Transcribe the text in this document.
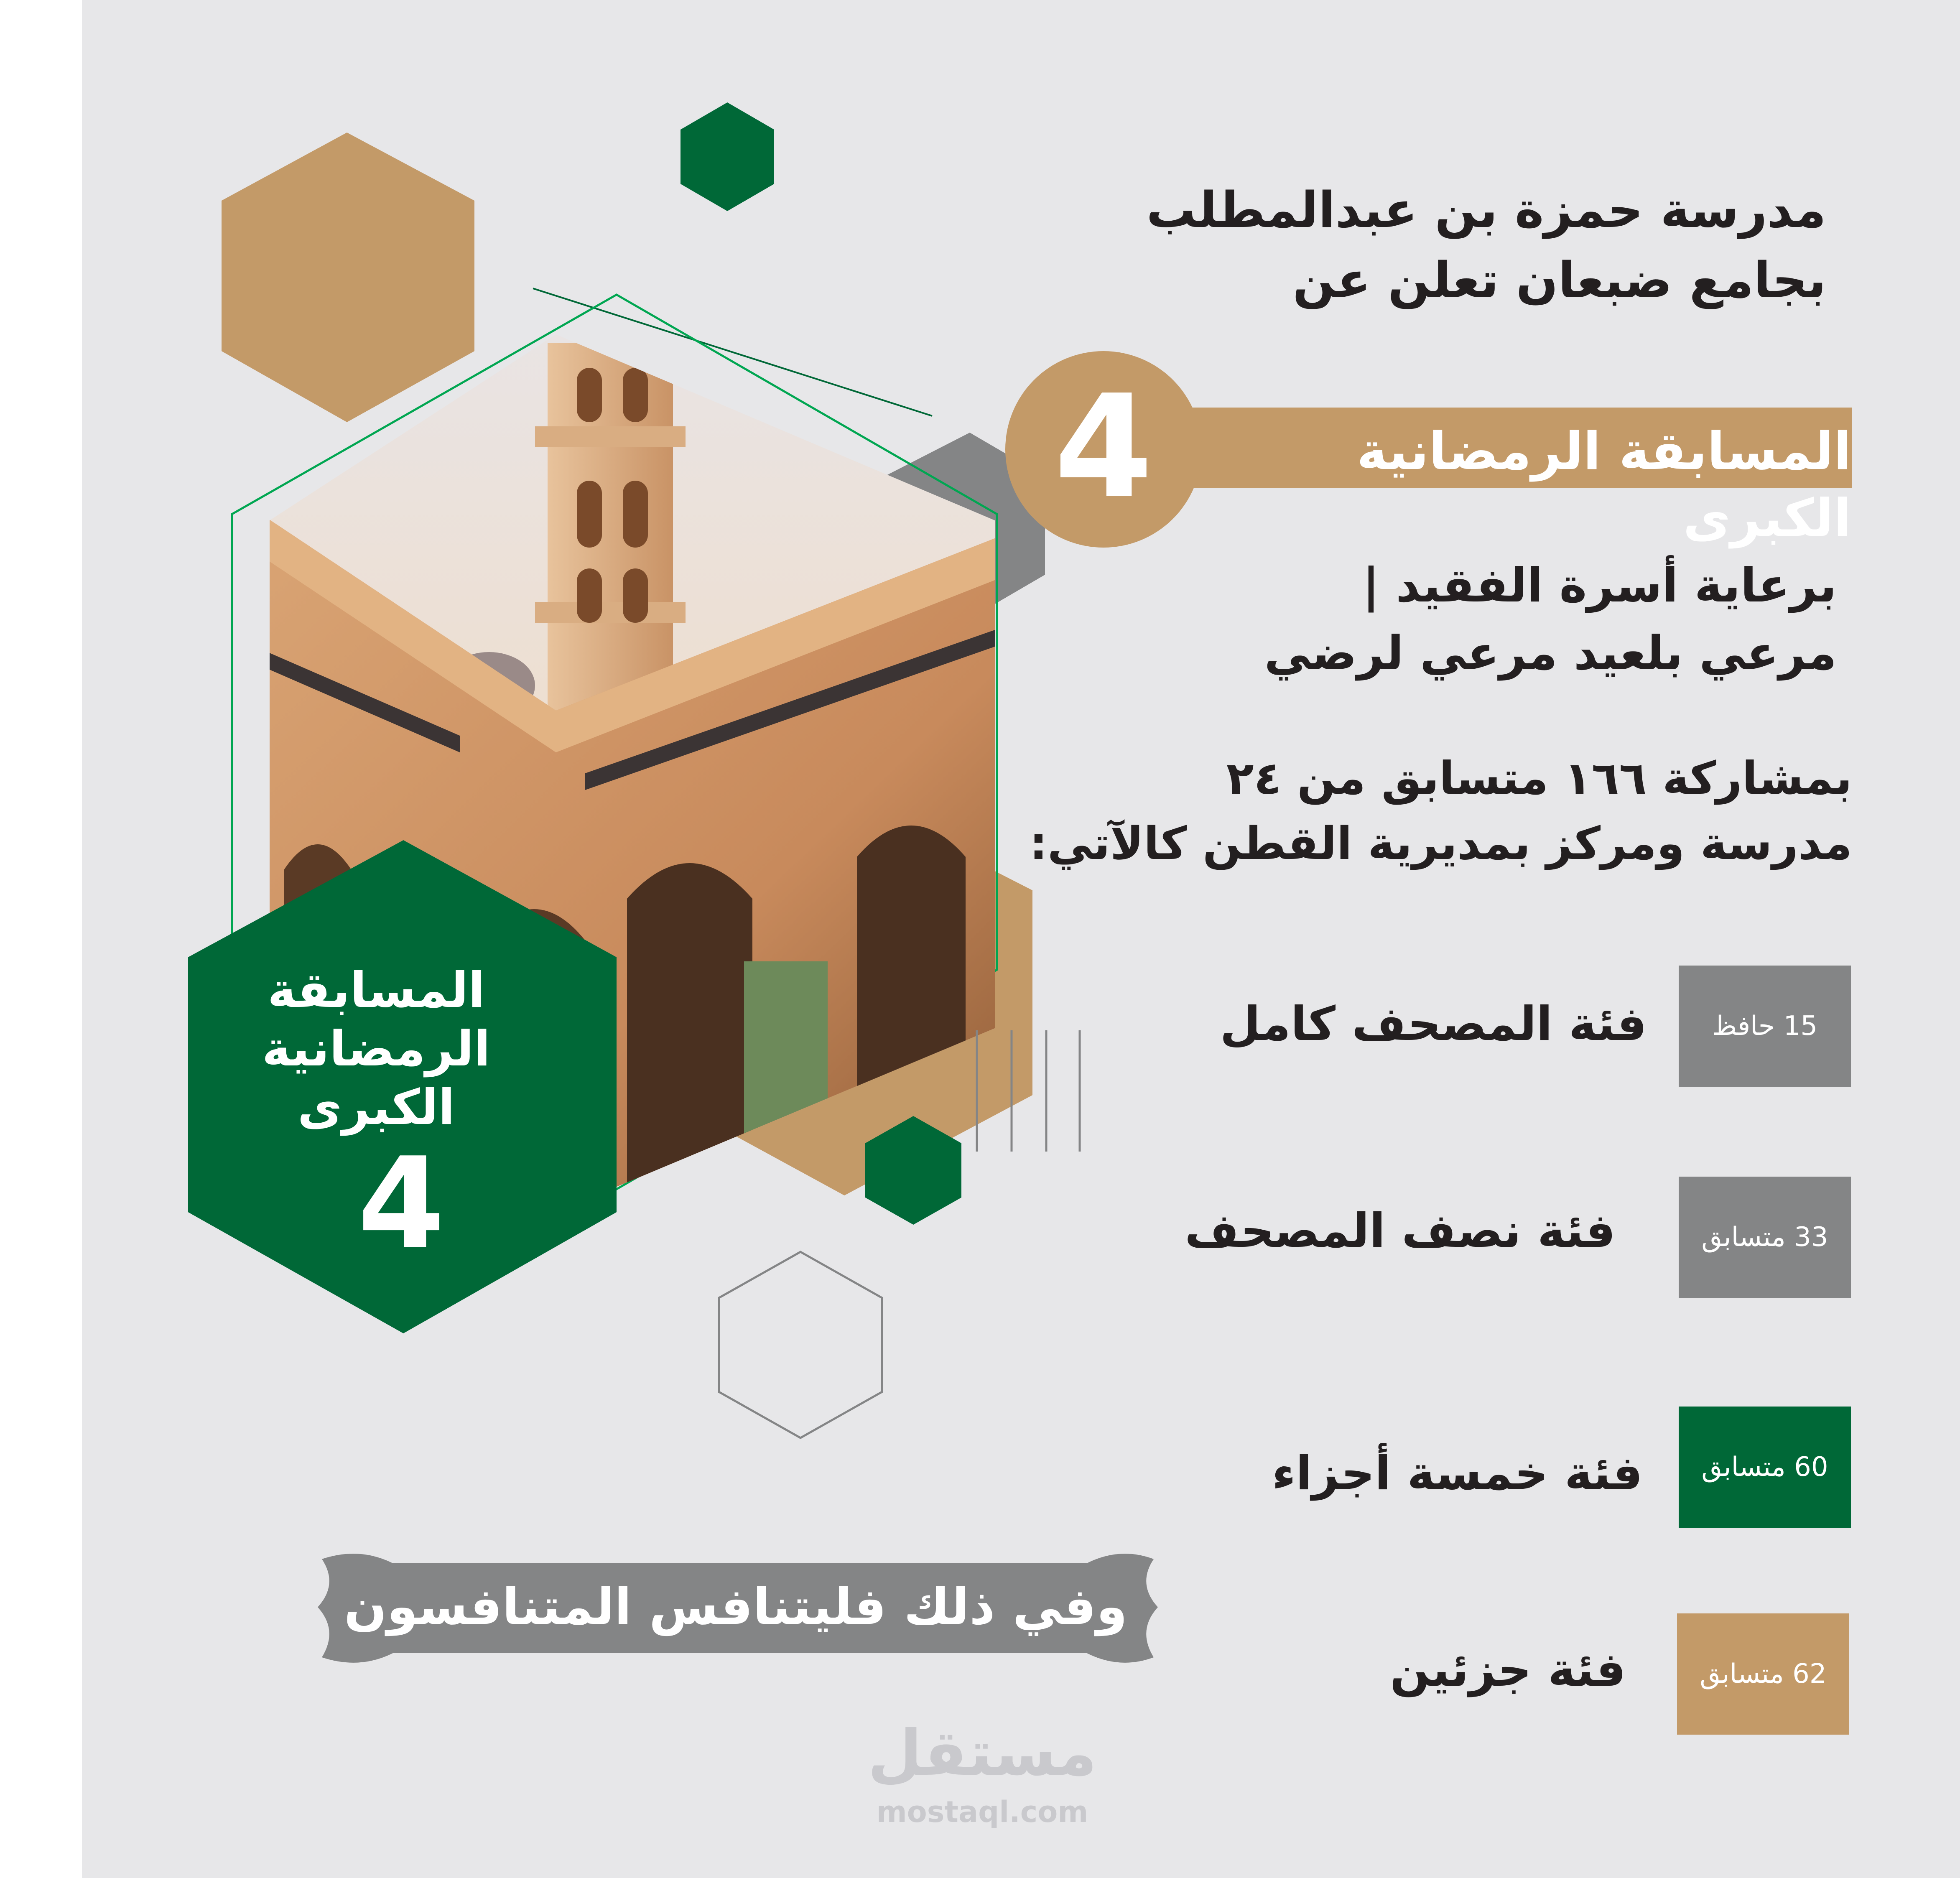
مدرسة حمزة بن عبدالمطلب
بجامع ضبعان تعلن عن
المسابقة الرمضانية الكبرى
4
برعاية أسرة الفقيد |
مرعي بلعيد مرعي لرضي
بمشاركة ١٦٦ متسابق من ٢٤
مدرسة ومركز بمديرية القطن كالآتي:
فئة المصحف كامل	15 حافظ
فئة نصف المصحف	33 متسابق
فئة خمسة أجزاء	60 متسابق
فئة جزئين	62 متسابق
المسابقة
الرمضانية
الكبرى
4
وفي ذلك فليتنافس المتنافسون
مستقل
mostaql.com
